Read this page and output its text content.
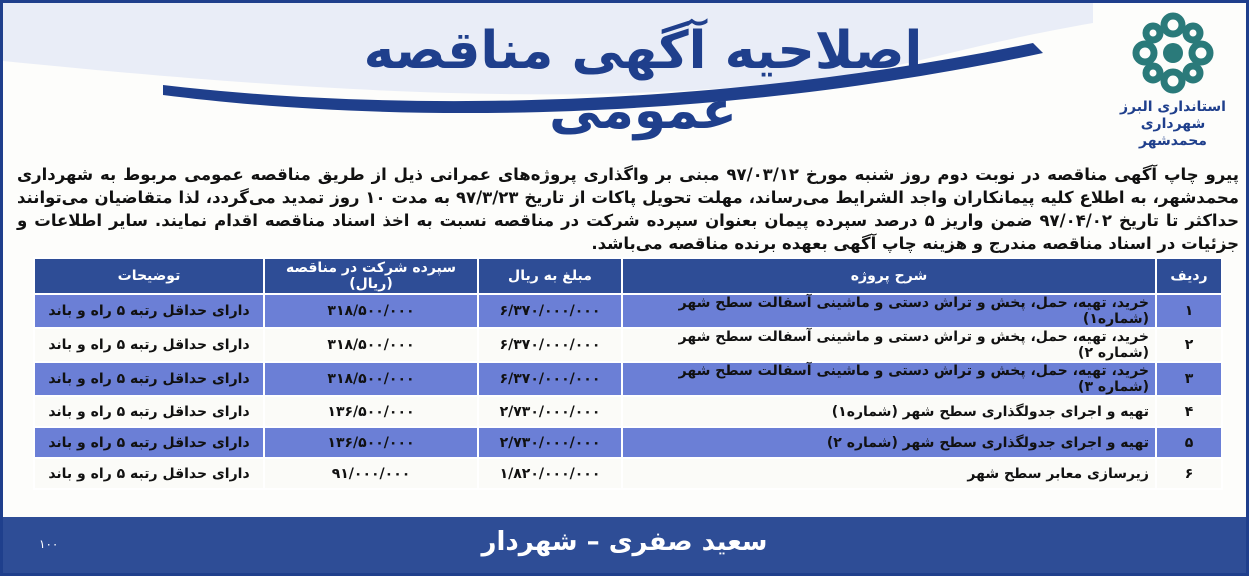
اصلاحیه آگهی مناقصه عمومی	استانداری البرز
شهرداری محمدشهر
پیرو چاپ آگهی مناقصه در نوبت دوم روز شنبه مورخ ۹۷/۰۳/۱۲ مبنی بر واگذاری پروژه‌های عمرانی ذیل از طریق مناقصه عمومی مربوط به شهرداری محمدشهر، به اطلاع کلیه پیمانکاران واجد الشرایط می‌رساند، مهلت تحویل پاکات از تاریخ ۹۷/۳/۲۳ به مدت ۱۰ روز تمدید می‌گردد، لذا متقاضیان می‌توانند حداکثر تا تاریخ ۹۷/۰۴/۰۲ ضمن واریز ۵ درصد سپرده پیمان بعنوان سپرده شرکت در مناقصه نسبت به اخذ اسناد مناقصه اقدام نمایند. سایر اطلاعات و جزئیات در اسناد مناقصه مندرج و هزینه چاپ آگهی بعهده برنده مناقصه می‌باشد.
ردیف	شرح پروژه	مبلغ به ریال	سپرده شرکت در مناقصه (ریال)	توضیحات
۱	خرید، تهیه، حمل، پخش و تراش دستی و ماشینی آسفالت سطح شهر (شماره۱)	۶/۳۷۰/۰۰۰/۰۰۰	۳۱۸/۵۰۰/۰۰۰	دارای حداقل رتبه ۵ راه و باند
۲	خرید، تهیه، حمل، پخش و تراش دستی و ماشینی آسفالت سطح شهر (شماره ۲)	۶/۳۷۰/۰۰۰/۰۰۰	۳۱۸/۵۰۰/۰۰۰	دارای حداقل رتبه ۵ راه و باند
۳	خرید، تهیه، حمل، پخش و تراش دستی و ماشینی آسفالت سطح شهر (شماره ۳)	۶/۳۷۰/۰۰۰/۰۰۰	۳۱۸/۵۰۰/۰۰۰	دارای حداقل رتبه ۵ راه و باند
۴	تهیه و اجرای جدولگذاری سطح شهر (شماره۱)	۲/۷۳۰/۰۰۰/۰۰۰	۱۳۶/۵۰۰/۰۰۰	دارای حداقل رتبه ۵ راه و باند
۵	تهیه و اجرای جدولگذاری سطح شهر (شماره ۲)	۲/۷۳۰/۰۰۰/۰۰۰	۱۳۶/۵۰۰/۰۰۰	دارای حداقل رتبه ۵ راه و باند
۶	زیرسازی معابر سطح شهر	۱/۸۲۰/۰۰۰/۰۰۰	۹۱/۰۰۰/۰۰۰	دارای حداقل رتبه ۵ راه و باند
۱۰۰	سعید صفری – شهردار
